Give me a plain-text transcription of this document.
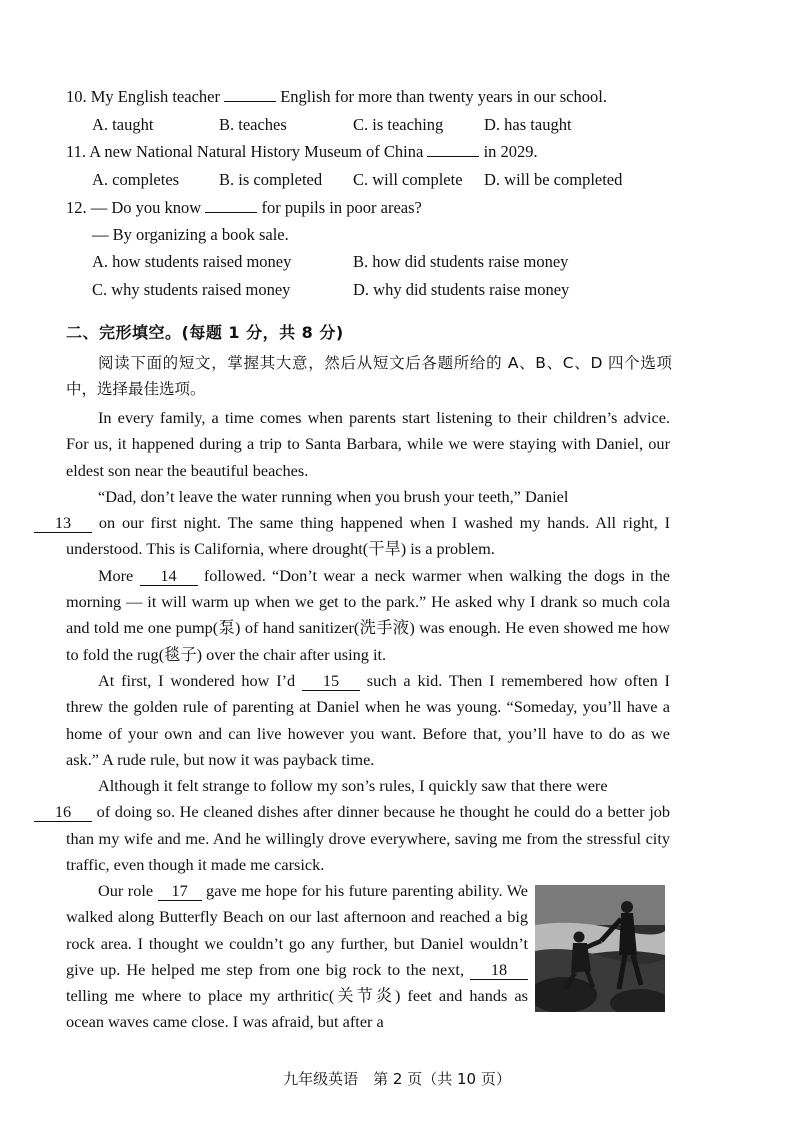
10. My English teacher	English for more than twenty years in our school.
A. taught	B. teaches	C. is teaching D. has taught
11. A new National Natural History Museum of China	in 2029.
A. completes B. is completed C. will complete D. will be completed
12. — Do you know	for pupils in poor areas?
— By organizing a book sale.
A. how students raised money	B. how did students raise money
C. why students raised money	D. why did students raise money
二、完形填空。(每题 1 分，共 8 分)
阅读下面的短文，掌握其大意，然后从短文后各题所给的 A、B、C、D 四个选项中，选择最佳选项。

In every family, a time comes when parents start listening to their children’s advice. For us, it happened during a trip to Santa Barbara, while we were staying with Daniel, our eldest son near the beautiful beaches.

“Dad, don’t leave the water running when you brush your teeth,” Daniel
13 on our first night. The same thing happened when I washed my hands. All right, I understood. This is California, where drought(干旱) is a problem.

More 14 followed. “Don’t wear a neck warmer when walking the dogs in the morning — it will warm up when we get to the park.” He asked why I drank so much cola and told me one pump(泵) of hand sanitizer(洗手液) was enough. He even showed me how to fold the rug(毯子) over the chair after using it.

At first, I wondered how I’d 15 such a kid. Then I remembered how often I threw the golden rule of parenting at Daniel when he was young. “Someday, you’ll have a home of your own and can live however you want. Before that, you’ll have to do as we ask.” A rude rule, but now it was payback time.

Although it felt strange to follow my son’s rules, I quickly saw that there were
16 of doing so. He cleaned dishes after dinner because he thought he could do a better job than my wife and me. And he willingly drove everywhere, saving me from the stressful city traffic, even though it made me carsick.

Our role 17 gave me hope for his future parenting ability. We walked along Butterfly Beach on our last afternoon and reached a big rock area. I thought we couldn’t go any further, but Daniel wouldn’t give up. He helped me step from one big rock to the next, 18 telling me where to place my arthritic(关节炎) feet and hands as ocean waves came close. I was afraid, but after a

九年级英语　第 2 页（共 10 页）
